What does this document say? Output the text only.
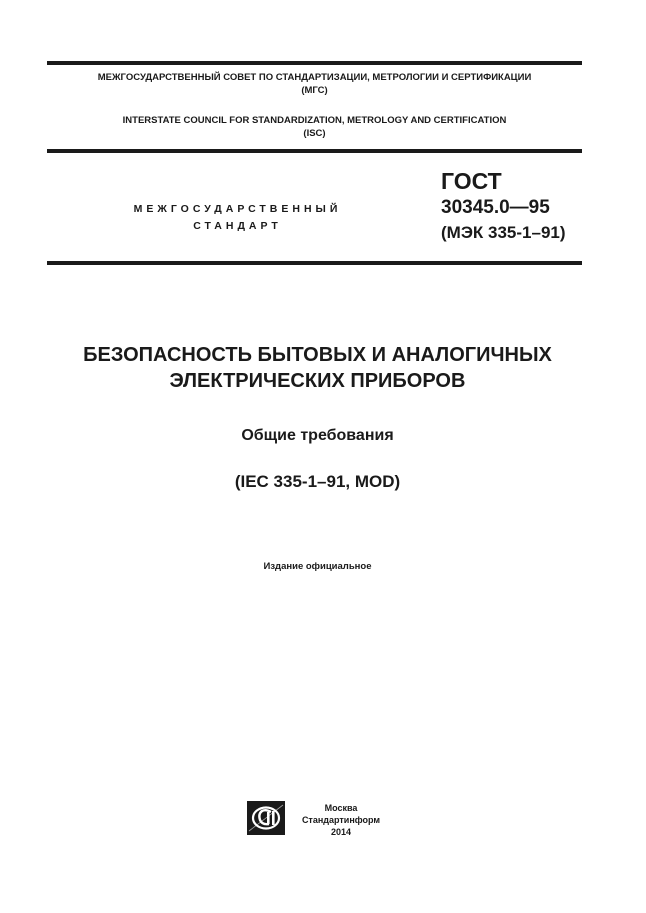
МЕЖГОСУДАРСТВЕННЫЙ СОВЕТ ПО СТАНДАРТИЗАЦИИ, МЕТРОЛОГИИ И СЕРТИФИКАЦИИ
(МГС)
INTERSTATE COUNCIL FOR STANDARDIZATION, METROLOGY AND CERTIFICATION
(ISC)
МЕЖГОСУДАРСТВЕННЫЙ
СТАНДАРТ
ГОСТ
30345.0—95
(МЭК 335-1–91)
БЕЗОПАСНОСТЬ БЫТОВЫХ И АНАЛОГИЧНЫХ
ЭЛЕКТРИЧЕСКИХ ПРИБОРОВ
Общие требования
(IEC 335-1–91, MOD)
Издание официальное
Москва
Стандартинформ
2014
